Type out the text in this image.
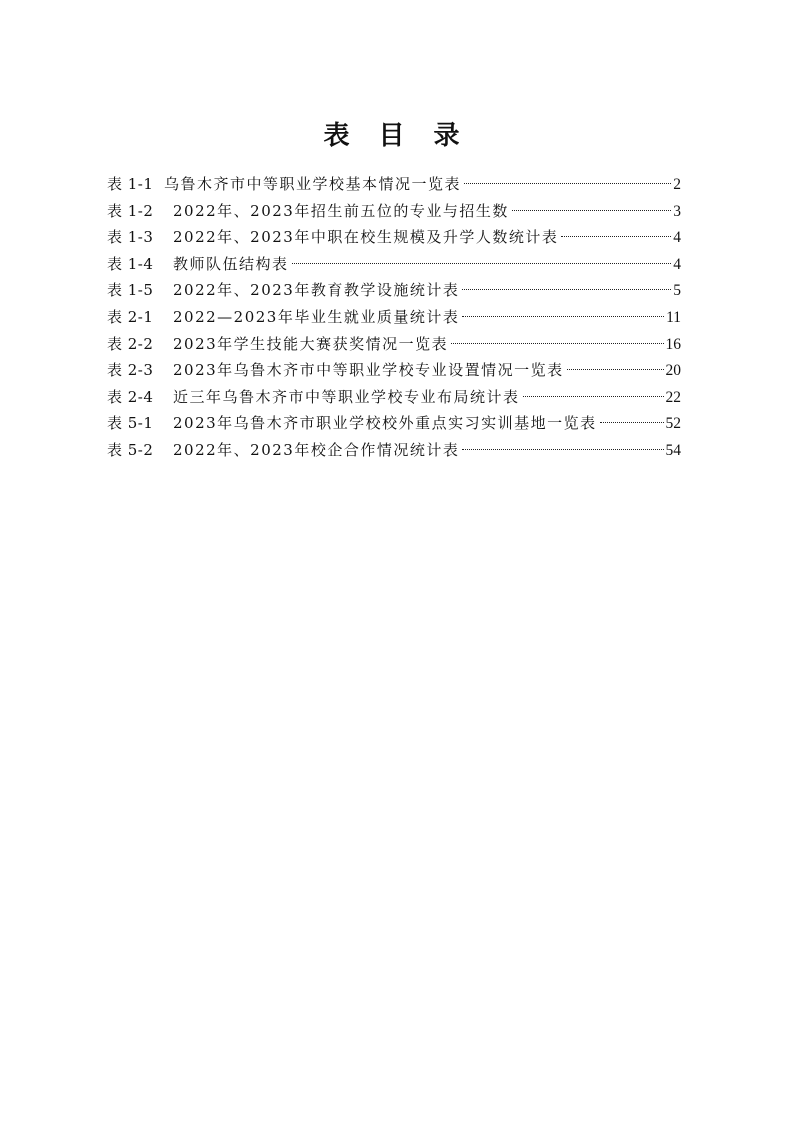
表 目 录
表 1-1 乌鲁木齐市中等职业学校基本情况一览表	2
表 1-2	2022年、2023年招生前五位的专业与招生数	3
表 1-3	2022年、2023年中职在校生规模及升学人数统计表	4
表 1-4	教师队伍结构表	4
表 1-5	2022年、2023年教育教学设施统计表	5
表 2-1	2022—2023年毕业生就业质量统计表	11
表 2-2	2023年学生技能大赛获奖情况一览表	16
表 2-3	2023年乌鲁木齐市中等职业学校专业设置情况一览表	20
表 2-4	近三年乌鲁木齐市中等职业学校专业布局统计表	22
表 5-1	2023年乌鲁木齐市职业学校校外重点实习实训基地一览表	52
表 5-2	2022年、2023年校企合作情况统计表	54
